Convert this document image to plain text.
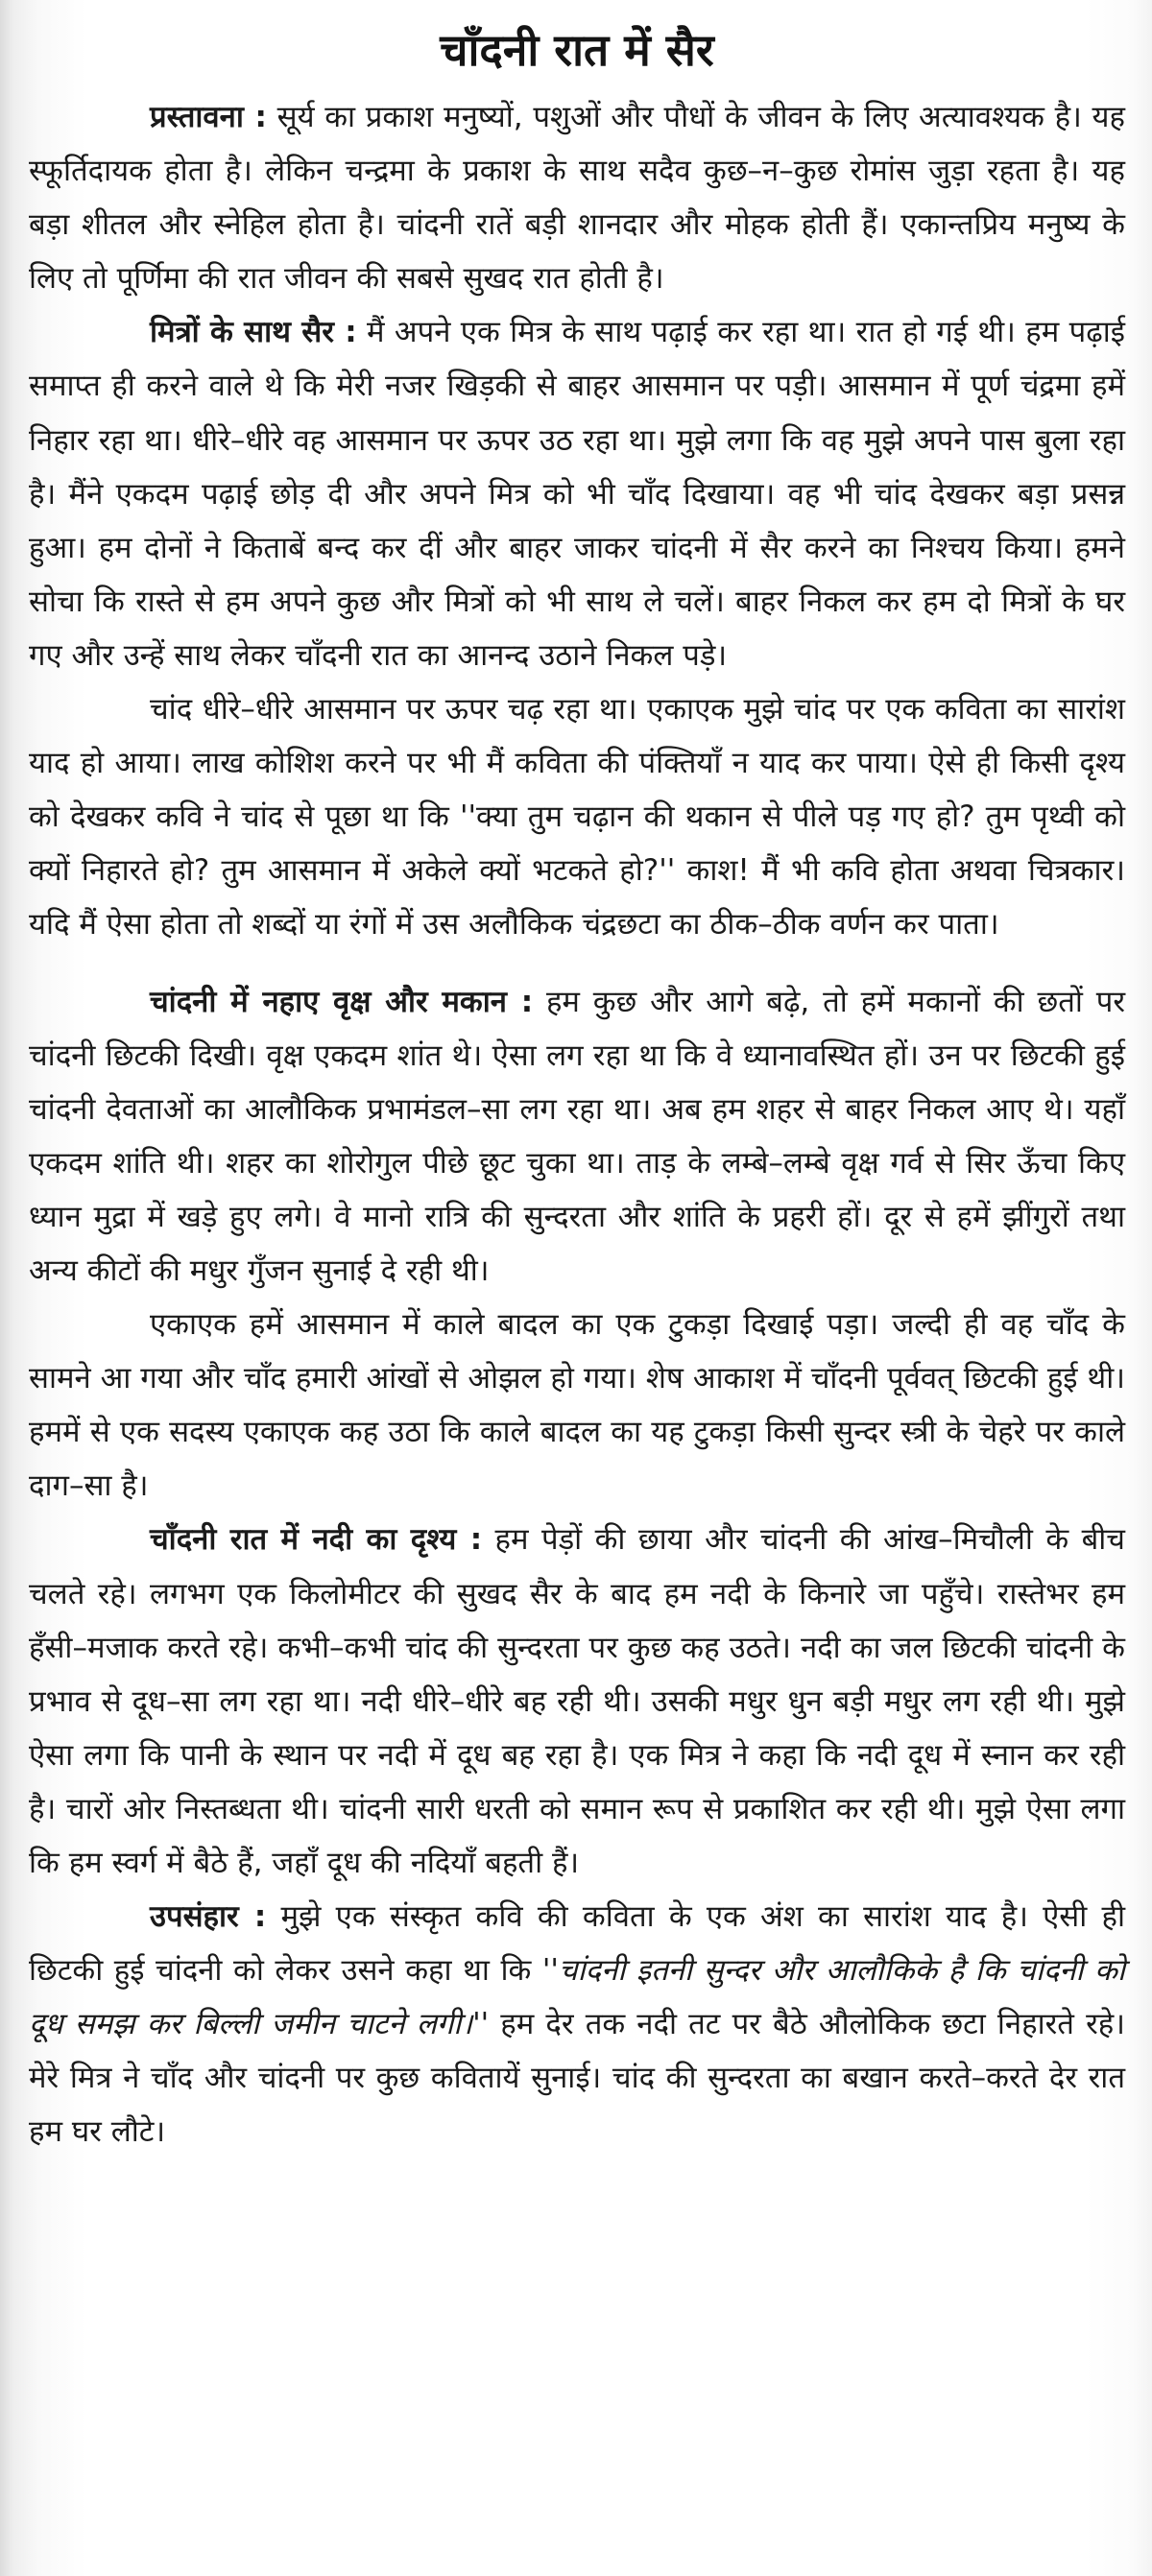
चाँदनी रात में सैर

प्रस्तावना : सूर्य का प्रकाश मनुष्यों, पशुओं और पौधों के जीवन के लिए अत्यावश्यक है। यह स्फूर्तिदायक होता है। लेकिन चन्द्रमा के प्रकाश के साथ सदैव कुछ–न–कुछ रोमांस जुड़ा रहता है। यह बड़ा शीतल और स्नेहिल होता है। चांदनी रातें बड़ी शानदार और मोहक होती हैं। एकान्तप्रिय मनुष्य के लिए तो पूर्णिमा की रात जीवन की सबसे सुखद रात होती है।

मित्रों के साथ सैर : मैं अपने एक मित्र के साथ पढ़ाई कर रहा था। रात हो गई थी। हम पढ़ाई समाप्त ही करने वाले थे कि मेरी नजर खिड़की से बाहर आसमान पर पड़ी। आसमान में पूर्ण चंद्रमा हमें निहार रहा था। धीरे–धीरे वह आसमान पर ऊपर उठ रहा था। मुझे लगा कि वह मुझे अपने पास बुला रहा है। मैंने एकदम पढ़ाई छोड़ दी और अपने मित्र को भी चाँद दिखाया। वह भी चांद देखकर बड़ा प्रसन्न हुआ। हम दोनों ने किताबें बन्द कर दीं और बाहर जाकर चांदनी में सैर करने का निश्चय किया। हमने सोचा कि रास्ते से हम अपने कुछ और मित्रों को भी साथ ले चलें। बाहर निकल कर हम दो मित्रों के घर गए और उन्हें साथ लेकर चाँदनी रात का आनन्द उठाने निकल पड़े।

चांद धीरे–धीरे आसमान पर ऊपर चढ़ रहा था। एकाएक मुझे चांद पर एक कविता का सारांश याद हो आया। लाख कोशिश करने पर भी मैं कविता की पंक्तियाँ न याद कर पाया। ऐसे ही किसी दृश्य को देखकर कवि ने चांद से पूछा था कि ''क्या तुम चढ़ान की थकान से पीले पड़ गए हो? तुम पृथ्वी को क्यों निहारते हो? तुम आसमान में अकेले क्यों भटकते हो?'' काश! मैं भी कवि होता अथवा चित्रकार। यदि मैं ऐसा होता तो शब्दों या रंगों में उस अलौकिक चंद्रछटा का ठीक–ठीक वर्णन कर पाता।

चांदनी में नहाए वृक्ष और मकान : हम कुछ और आगे बढ़े, तो हमें मकानों की छतों पर चांदनी छिटकी दिखी। वृक्ष एकदम शांत थे। ऐसा लग रहा था कि वे ध्यानावस्थित हों। उन पर छिटकी हुई चांदनी देवताओं का आलौकिक प्रभामंडल–सा लग रहा था। अब हम शहर से बाहर निकल आए थे। यहाँ एकदम शांति थी। शहर का शोरोगुल पीछे छूट चुका था। ताड़ के लम्बे–लम्बे वृक्ष गर्व से सिर ऊँचा किए ध्यान मुद्रा में खड़े हुए लगे। वे मानो रात्रि की सुन्दरता और शांति के प्रहरी हों। दूर से हमें झींगुरों तथा अन्य कीटों की मधुर गुँजन सुनाई दे रही थी।

एकाएक हमें आसमान में काले बादल का एक टुकड़ा दिखाई पड़ा। जल्दी ही वह चाँद के सामने आ गया और चाँद हमारी आंखों से ओझल हो गया। शेष आकाश में चाँदनी पूर्ववत् छिटकी हुई थी। हममें से एक सदस्य एकाएक कह उठा कि काले बादल का यह टुकड़ा किसी सुन्दर स्त्री के चेहरे पर काले दाग–सा है।

चाँदनी रात में नदी का दृश्य : हम पेड़ों की छाया और चांदनी की आंख–मिचौली के बीच चलते रहे। लगभग एक किलोमीटर की सुखद सैर के बाद हम नदी के किनारे जा पहुँचे। रास्तेभर हम हँसी–मजाक करते रहे। कभी–कभी चांद की सुन्दरता पर कुछ कह उठते। नदी का जल छिटकी चांदनी के प्रभाव से दूध–सा लग रहा था। नदी धीरे–धीरे बह रही थी। उसकी मधुर धुन बड़ी मधुर लग रही थी। मुझे ऐसा लगा कि पानी के स्थान पर नदी में दूध बह रहा है। एक मित्र ने कहा कि नदी दूध में स्नान कर रही है। चारों ओर निस्तब्धता थी। चांदनी सारी धरती को समान रूप से प्रकाशित कर रही थी। मुझे ऐसा लगा कि हम स्वर्ग में बैठे हैं, जहाँ दूध की नदियाँ बहती हैं।

उपसंहार : मुझे एक संस्कृत कवि की कविता के एक अंश का सारांश याद है। ऐसी ही छिटकी हुई चांदनी को लेकर उसने कहा था कि ''चांदनी इतनी सुन्दर और आलौकिके है कि चांदनी को दूध समझ कर बिल्ली जमीन चाटने लगी।'' हम देर तक नदी तट पर बैठे औलोकिक छटा निहारते रहे। मेरे मित्र ने चाँद और चांदनी पर कुछ कवितायें सुनाई। चांद की सुन्दरता का बखान करते–करते देर रात हम घर लौटे।
